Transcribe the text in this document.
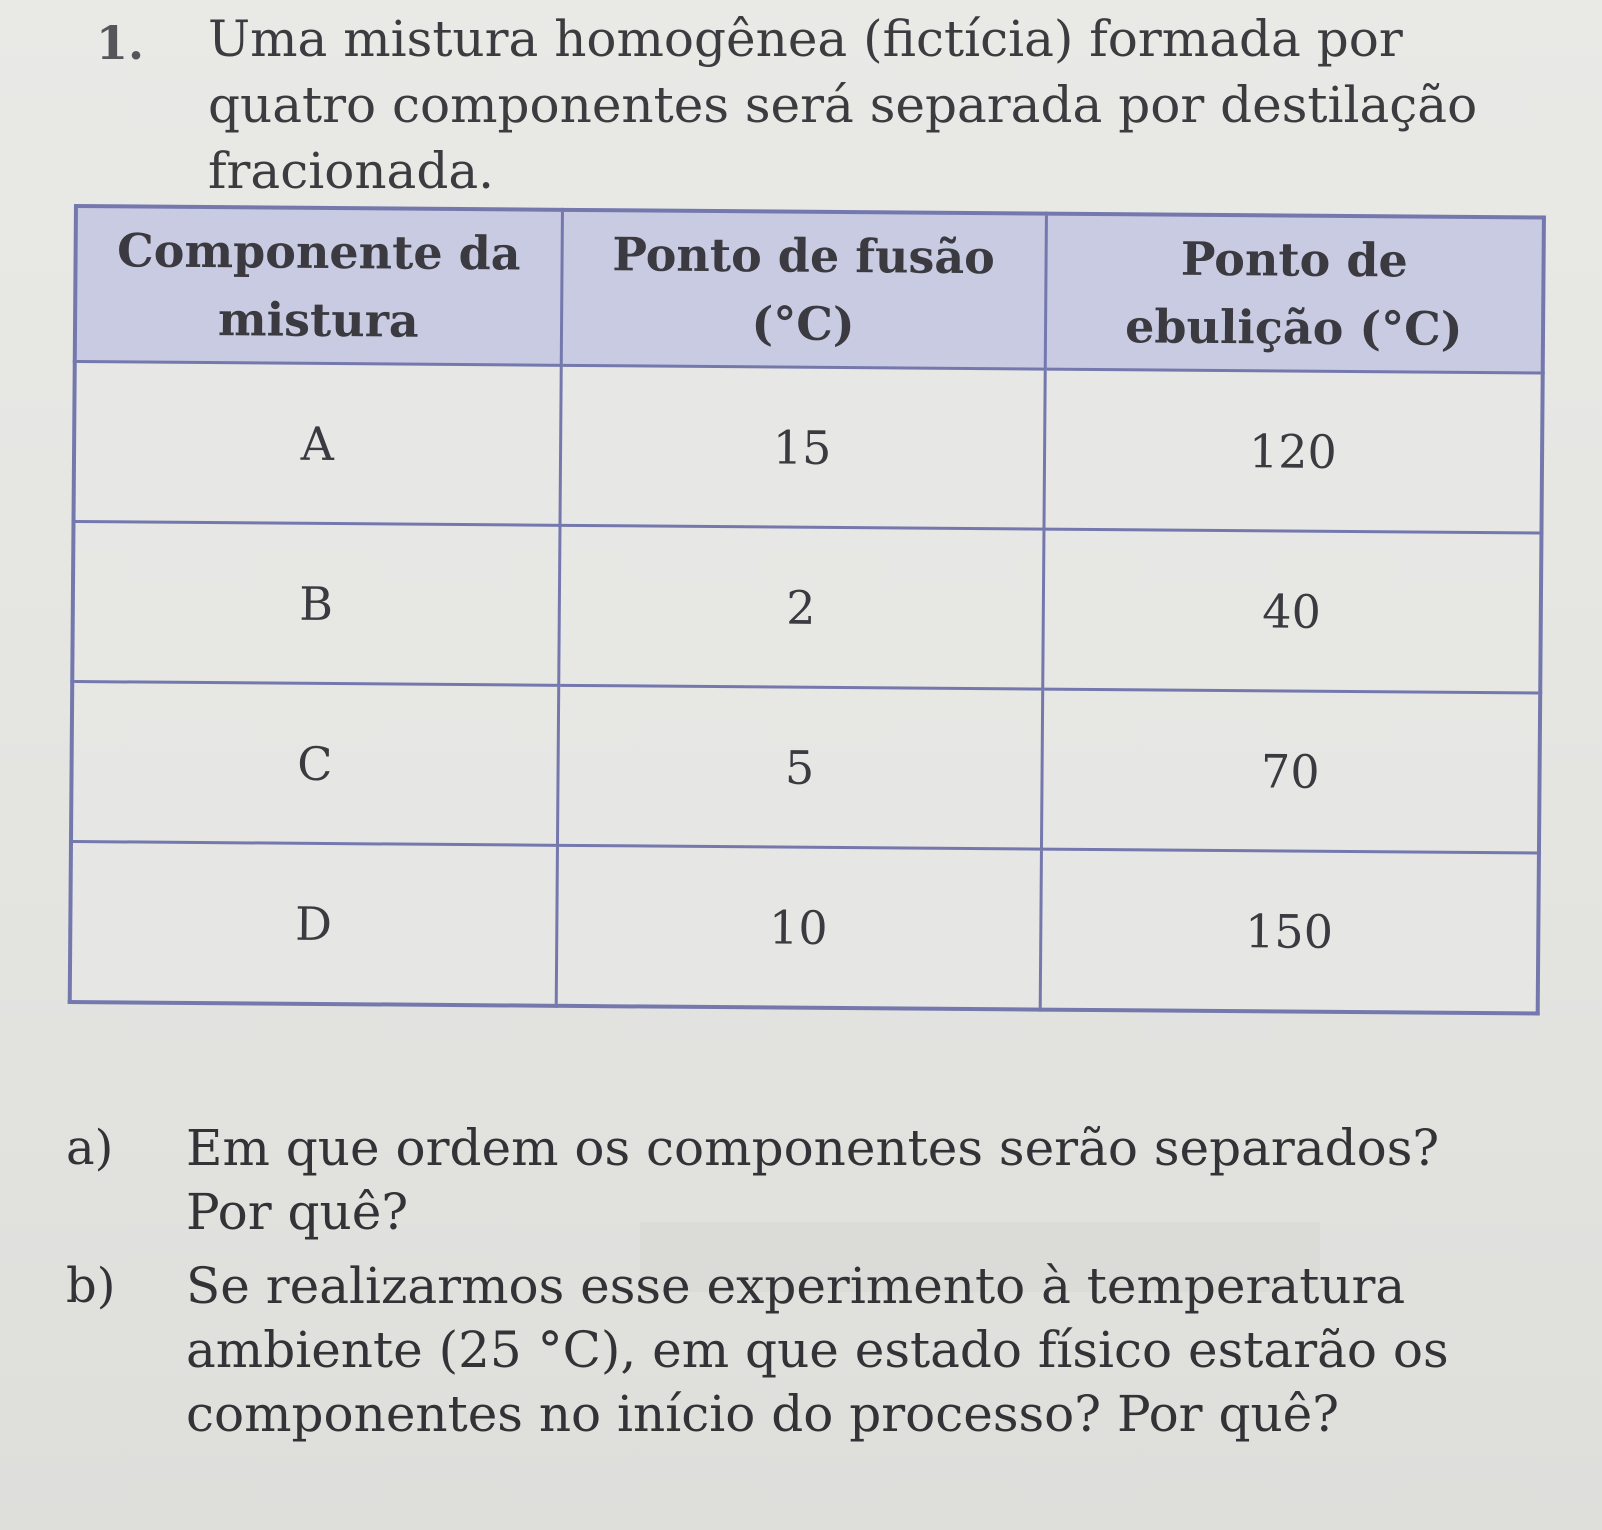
1. Uma mistura homogênea (fictícia) formada por quatro componentes será separada por destilação fracionada.
Componente da mistura	Ponto de fusão (°C)	Ponto de ebulição (°C)
A	15	120
B	2	40
C	5	70
D	10	150
a) Em que ordem os componentes serão separados? Por quê?
b) Se realizarmos esse experimento à temperatura ambiente (25 °C), em que estado físico estarão os componentes no início do processo? Por quê?
